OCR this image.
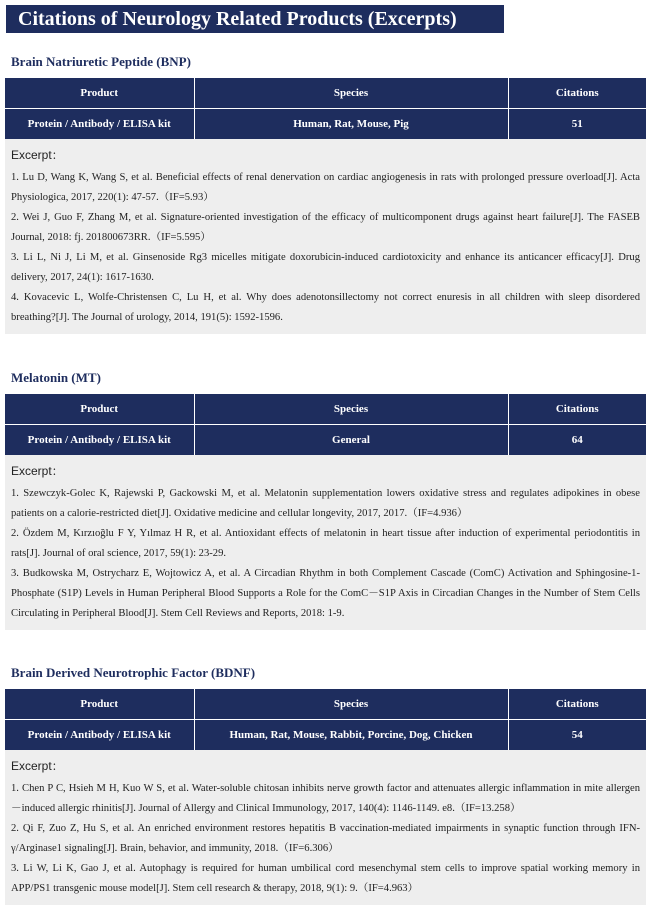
Citations of Neurology Related Products (Excerpts)
Brain Natriuretic Peptide (BNP)
Product	Species	Citations
Protein / Antibody / ELISA kit	Human, Rat, Mouse, Pig	51
Excerpt：

1. Lu D, Wang K, Wang S, et al. Beneficial effects of renal denervation on cardiac angiogenesis in rats with prolonged pressure overload[J]. Acta Physiologica, 2017, 220(1): 47-57.（IF=5.93）

2. Wei J, Guo F, Zhang M, et al. Signature-oriented investigation of the efficacy of multicomponent drugs against heart failure[J]. The FASEB Journal, 2018: fj. 201800673RR.（IF=5.595）

3. Li L, Ni J, Li M, et al. Ginsenoside Rg3 micelles mitigate doxorubicin-induced cardiotoxicity and enhance its anticancer efficacy[J]. Drug delivery, 2017, 24(1): 1617-1630.

4. Kovacevic L, Wolfe-Christensen C, Lu H, et al. Why does adenotonsillectomy not correct enuresis in all children with sleep disordered breathing?[J]. The Journal of urology, 2014, 191(5): 1592-1596.

Melatonin (MT)
Product	Species	Citations
Protein / Antibody / ELISA kit	General	64
Excerpt：

1. Szewczyk-Golec K, Rajewski P, Gackowski M, et al. Melatonin supplementation lowers oxidative stress and regulates adipokines in obese patients on a calorie-restricted diet[J]. Oxidative medicine and cellular longevity, 2017, 2017.（IF=4.936）

2. Özdem M, Kırzıoğlu F Y, Yılmaz H R, et al. Antioxidant effects of melatonin in heart tissue after induction of experimental periodontitis in rats[J]. Journal of oral science, 2017, 59(1): 23-29.

3. Budkowska M, Ostrycharz E, Wojtowicz A, et al. A Circadian Rhythm in both Complement Cascade (ComC) Activation and Sphingosine-1-Phosphate (S1P) Levels in Human Peripheral Blood Supports a Role for the ComC－S1P Axis in Circadian Changes in the Number of Stem Cells Circulating in Peripheral Blood[J]. Stem Cell Reviews and Reports, 2018: 1-9.

Brain Derived Neurotrophic Factor (BDNF)
Product	Species	Citations
Protein / Antibody / ELISA kit	Human, Rat, Mouse, Rabbit, Porcine, Dog, Chicken	54
Excerpt：

1. Chen P C, Hsieh M H, Kuo W S, et al. Water-soluble chitosan inhibits nerve growth factor and attenuates allergic inflammation in mite allergen－induced allergic rhinitis[J]. Journal of Allergy and Clinical Immunology, 2017, 140(4): 1146-1149. e8.（IF=13.258）

2. Qi F, Zuo Z, Hu S, et al. An enriched environment restores hepatitis B vaccination-mediated impairments in synaptic function through IFN-γ/Arginase1 signaling[J]. Brain, behavior, and immunity, 2018.（IF=6.306）

3. Li W, Li K, Gao J, et al. Autophagy is required for human umbilical cord mesenchymal stem cells to improve spatial working memory in APP/PS1 transgenic mouse model[J]. Stem cell research & therapy, 2018, 9(1): 9.（IF=4.963）
